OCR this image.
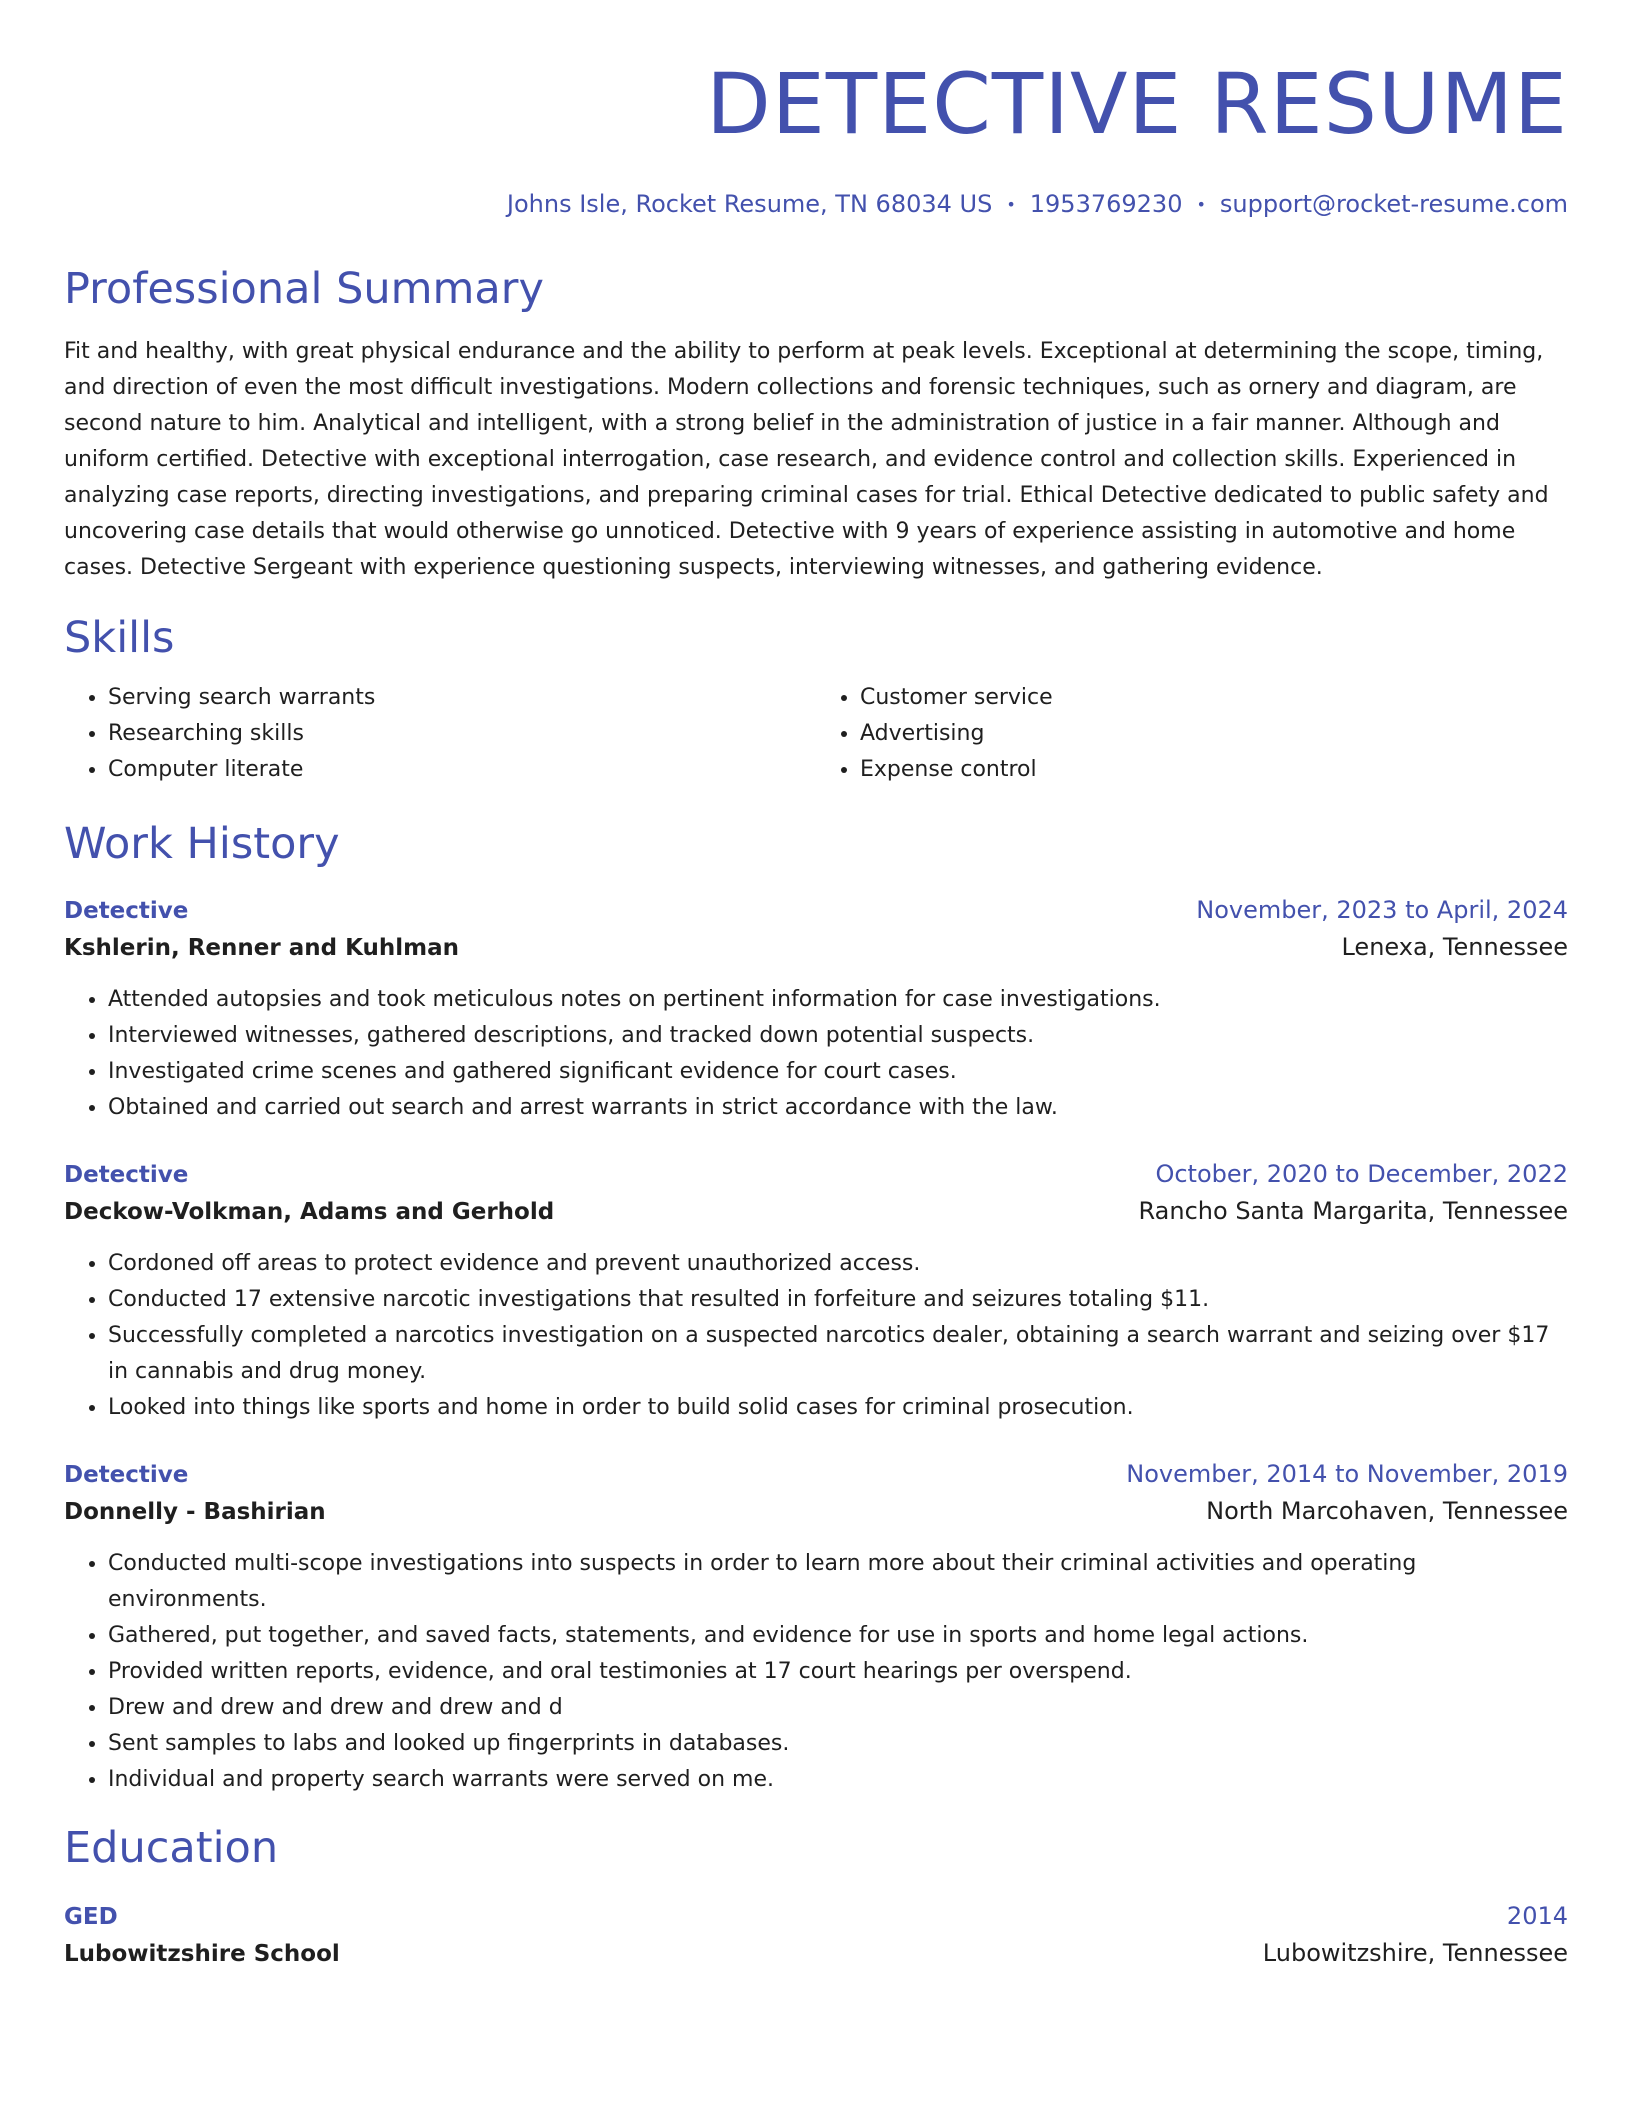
DETECTIVE RESUME
Johns Isle, Rocket Resume, TN 68034 US • 1953769230 • support@rocket-resume.com
Professional Summary

Fit and healthy, with great physical endurance and the ability to perform at peak levels. Exceptional at determining the scope, timing, and direction of even the most difficult investigations. Modern collections and forensic techniques, such as ornery and diagram, are second nature to him. Analytical and intelligent, with a strong belief in the administration of justice in a fair manner. Although and uniform certified. Detective with exceptional interrogation, case research, and evidence control and collection skills. Experienced in analyzing case reports, directing investigations, and preparing criminal cases for trial. Ethical Detective dedicated to public safety and uncovering case details that would otherwise go unnoticed. Detective with 9 years of experience assisting in automotive and home cases. Detective Sergeant with experience questioning suspects, interviewing witnesses, and gathering evidence.

Skills
• Serving search warrants
• Researching skills
• Computer literate
• Customer service
• Advertising
• Expense control
Work History
Detective	November, 2023 to April, 2024
Kshlerin, Renner and Kuhlman	Lenexa, Tennessee
• Attended autopsies and took meticulous notes on pertinent information for case investigations.
• Interviewed witnesses, gathered descriptions, and tracked down potential suspects.
• Investigated crime scenes and gathered significant evidence for court cases.
• Obtained and carried out search and arrest warrants in strict accordance with the law.
Detective	October, 2020 to December, 2022
Deckow-Volkman, Adams and Gerhold	Rancho Santa Margarita, Tennessee
• Cordoned off areas to protect evidence and prevent unauthorized access.
• Conducted 17 extensive narcotic investigations that resulted in forfeiture and seizures totaling $11.
• Successfully completed a narcotics investigation on a suspected narcotics dealer, obtaining a search warrant and seizing over $17 in cannabis and drug money.
• Looked into things like sports and home in order to build solid cases for criminal prosecution.
Detective	November, 2014 to November, 2019
Donnelly - Bashirian	North Marcohaven, Tennessee
• Conducted multi-scope investigations into suspects in order to learn more about their criminal activities and operating environments.
• Gathered, put together, and saved facts, statements, and evidence for use in sports and home legal actions.
• Provided written reports, evidence, and oral testimonies at 17 court hearings per overspend.
• Drew and drew and drew and drew and d
• Sent samples to labs and looked up fingerprints in databases.
• Individual and property search warrants were served on me.
Education
GED	2014
Lubowitzshire School	Lubowitzshire, Tennessee
